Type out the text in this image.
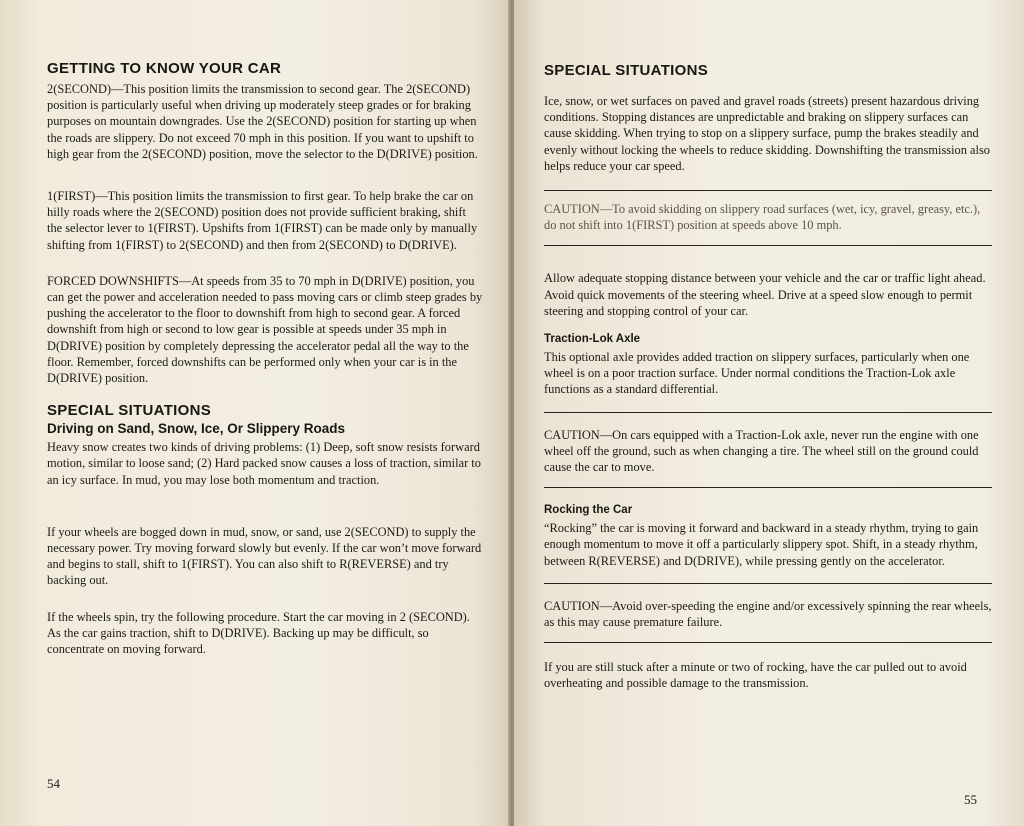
GETTING TO KNOW YOUR CAR

2(SECOND)—This position limits the transmission to second gear. The 2(SECOND) position is particularly useful when driving up moderately steep grades or for braking purposes on mountain downgrades. Use the 2(SECOND) position for starting up when the roads are slippery. Do not exceed 70 mph in this position. If you want to upshift to high gear from the 2(SECOND) position, move the selector to the D(DRIVE) position.

1(FIRST)—This position limits the transmission to first gear. To help brake the car on hilly roads where the 2(SECOND) position does not provide sufficient braking, shift the selector lever to 1(FIRST). Upshifts from 1(FIRST) can be made only by manually shifting from 1(FIRST) to 2(SECOND) and then from 2(SECOND) to D(DRIVE).

FORCED DOWNSHIFTS—At speeds from 35 to 70 mph in D(DRIVE) position, you can get the power and acceleration needed to pass moving cars or climb steep grades by pushing the accelerator to the floor to downshift from high to second gear. A forced downshift from high or second to low gear is possible at speeds under 35 mph in D(DRIVE) position by completely depressing the accelerator pedal all the way to the floor. Remember, forced downshifts can be performed only when your car is in the D(DRIVE) position.

SPECIAL SITUATIONS
Driving on Sand, Snow, Ice, Or Slippery Roads

Heavy snow creates two kinds of driving problems: (1) Deep, soft snow resists forward motion, similar to loose sand; (2) Hard packed snow causes a loss of traction, similar to an icy surface. In mud, you may lose both momentum and traction.

If your wheels are bogged down in mud, snow, or sand, use 2(SECOND) to supply the necessary power. Try moving forward slowly but evenly. If the car won’t move forward and begins to stall, shift to 1(FIRST). You can also shift to R(REVERSE) and try backing out.

If the wheels spin, try the following procedure. Start the car moving in 2 (SECOND). As the car gains traction, shift to D(DRIVE). Backing up may be difficult, so concentrate on moving forward.

54
SPECIAL SITUATIONS

Ice, snow, or wet surfaces on paved and gravel roads (streets) present hazardous driving conditions. Stopping distances are unpredictable and braking on slippery surfaces can cause skidding. When trying to stop on a slippery surface, pump the brakes steadily and evenly without locking the wheels to reduce skidding. Downshifting the transmission also helps reduce your car speed.

CAUTION—To avoid skidding on slippery road surfaces (wet, icy, gravel, greasy, etc.), do not shift into 1(FIRST) position at speeds above 10 mph.

Allow adequate stopping distance between your vehicle and the car or traffic light ahead. Avoid quick movements of the steering wheel. Drive at a speed slow enough to permit steering and stopping control of your car.

Traction-Lok Axle

This optional axle provides added traction on slippery surfaces, particularly when one wheel is on a poor traction surface. Under normal conditions the Traction-Lok axle functions as a standard differential.

CAUTION—On cars equipped with a Traction-Lok axle, never run the engine with one wheel off the ground, such as when changing a tire. The wheel still on the ground could cause the car to move.

Rocking the Car

“Rocking” the car is moving it forward and backward in a steady rhythm, trying to gain enough momentum to move it off a particularly slippery spot. Shift, in a steady rhythm, between R(REVERSE) and D(DRIVE), while pressing gently on the accelerator.

CAUTION—Avoid over-speeding the engine and/or excessively spinning the rear wheels, as this may cause premature failure.

If you are still stuck after a minute or two of rocking, have the car pulled out to avoid overheating and possible damage to the transmission.

55
